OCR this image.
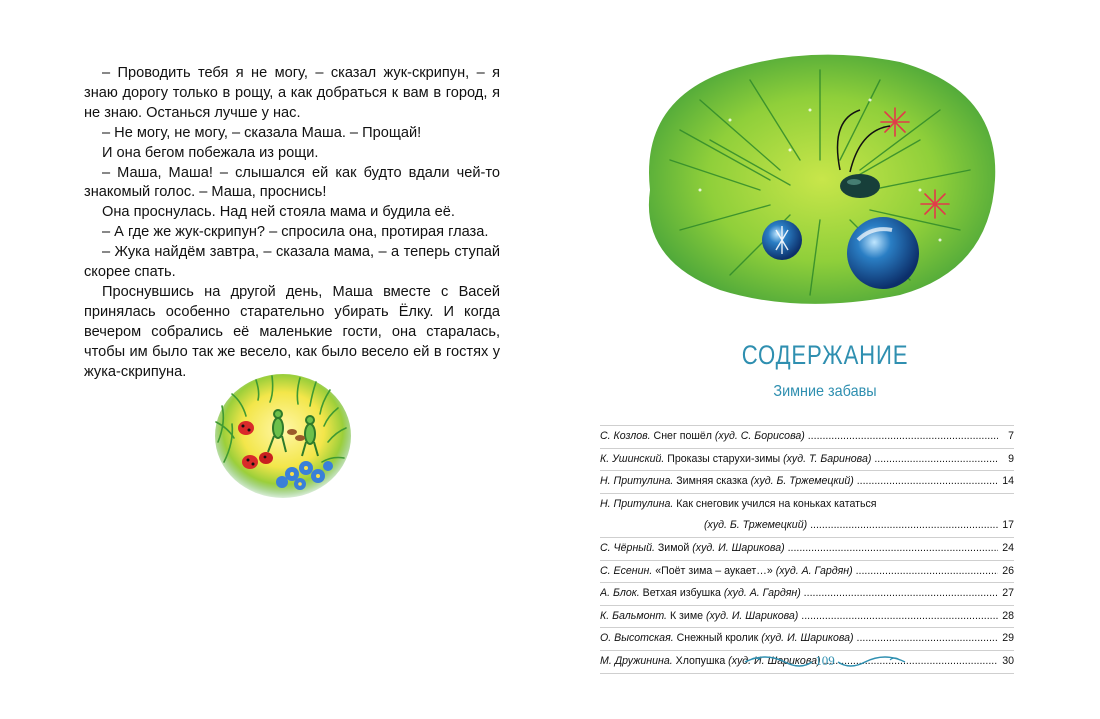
– Проводить тебя я не могу, – сказал жук-скрипун, – я знаю дорогу только в рощу, а как добраться к вам в город, я не знаю. Останься лучше у нас.

– Не могу, не могу, – сказала Маша. – Прощай!

И она бегом побежала из рощи.

– Маша, Маша! – слышался ей как будто вдали чей-то знакомый голос. – Маша, проснись!

Она проснулась. Над ней стояла мама и будила её.

– А где же жук-скрипун? – спросила она, протирая глаза.

– Жука найдём завтра, – сказала мама, – а теперь ступай скорее спать.

Проснувшись на другой день, Маша вместе с Васей принялась особенно старательно убирать Ёлку. И когда вечером собрались её маленькие гости, она старалась, чтобы им было так же весело, как было весело ей в гостях у жука-скрипуна.

СОДЕРЖАНИЕ
Зимние забавы
С. Козлов. Снег пошёл (худ. С. Борисова) .....	7
К. Ушинский. Проказы старухи-зимы (худ. Т. Баринова) .....	9
Н. Притулина. Зимняя сказка (худ. Б. Тржемецкий) .....	14
Н. Притулина. Как снеговик учился на коньках кататься
(худ. Б. Тржемецкий) .....	17
С. Чёрный. Зимой (худ. И. Шарикова) .....	24
С. Есенин. «Поёт зима – аукает…» (худ. А. Гардян) .....	26
А. Блок. Ветхая избушка (худ. А. Гардян) .....	27
К. Бальмонт. К зиме (худ. И. Шарикова) .....	28
О. Высотская. Снежный кролик (худ. И. Шарикова) .....	29
М. Дружинина. Хлопушка (худ. И. Шарикова) .....	30
109
